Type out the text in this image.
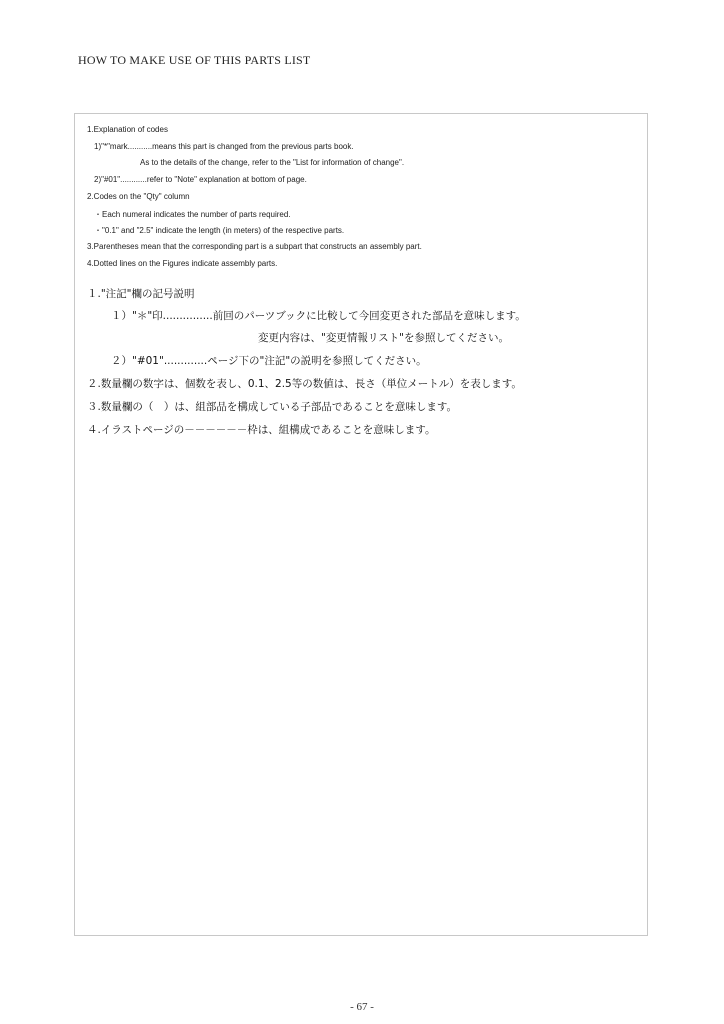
HOW TO MAKE USE OF THIS PARTS LIST
1.Explanation of codes
1)"*"mark...........means this part is changed from the previous parts book.
As to the details of the change, refer to the "List for information of change".
2)"#01"............refer to "Note" explanation at bottom of page.
2.Codes on the "Qty" column
・Each numeral indicates the number of parts required.
・"0.1" and "2.5" indicate the length (in meters) of the respective parts.
3.Parentheses mean that the corresponding part is a subpart that constructs an assembly part.
4.Dotted lines on the Figures indicate assembly parts.
１."注記"欄の記号説明
１）"＊"印...............前回のパーツブックに比較して今回変更された部品を意味します。
変更内容は、"変更情報リスト"を参照してください。
２）"#01".............ページ下の"注記"の説明を参照してください。
２.数量欄の数字は、個数を表し、0.1、2.5等の数値は、長さ（単位メートル）を表します。
３.数量欄の（　）は、組部品を構成している子部品であることを意味します。
４.イラストページの－－－－－－枠は、組構成であることを意味します。
- 67 -
